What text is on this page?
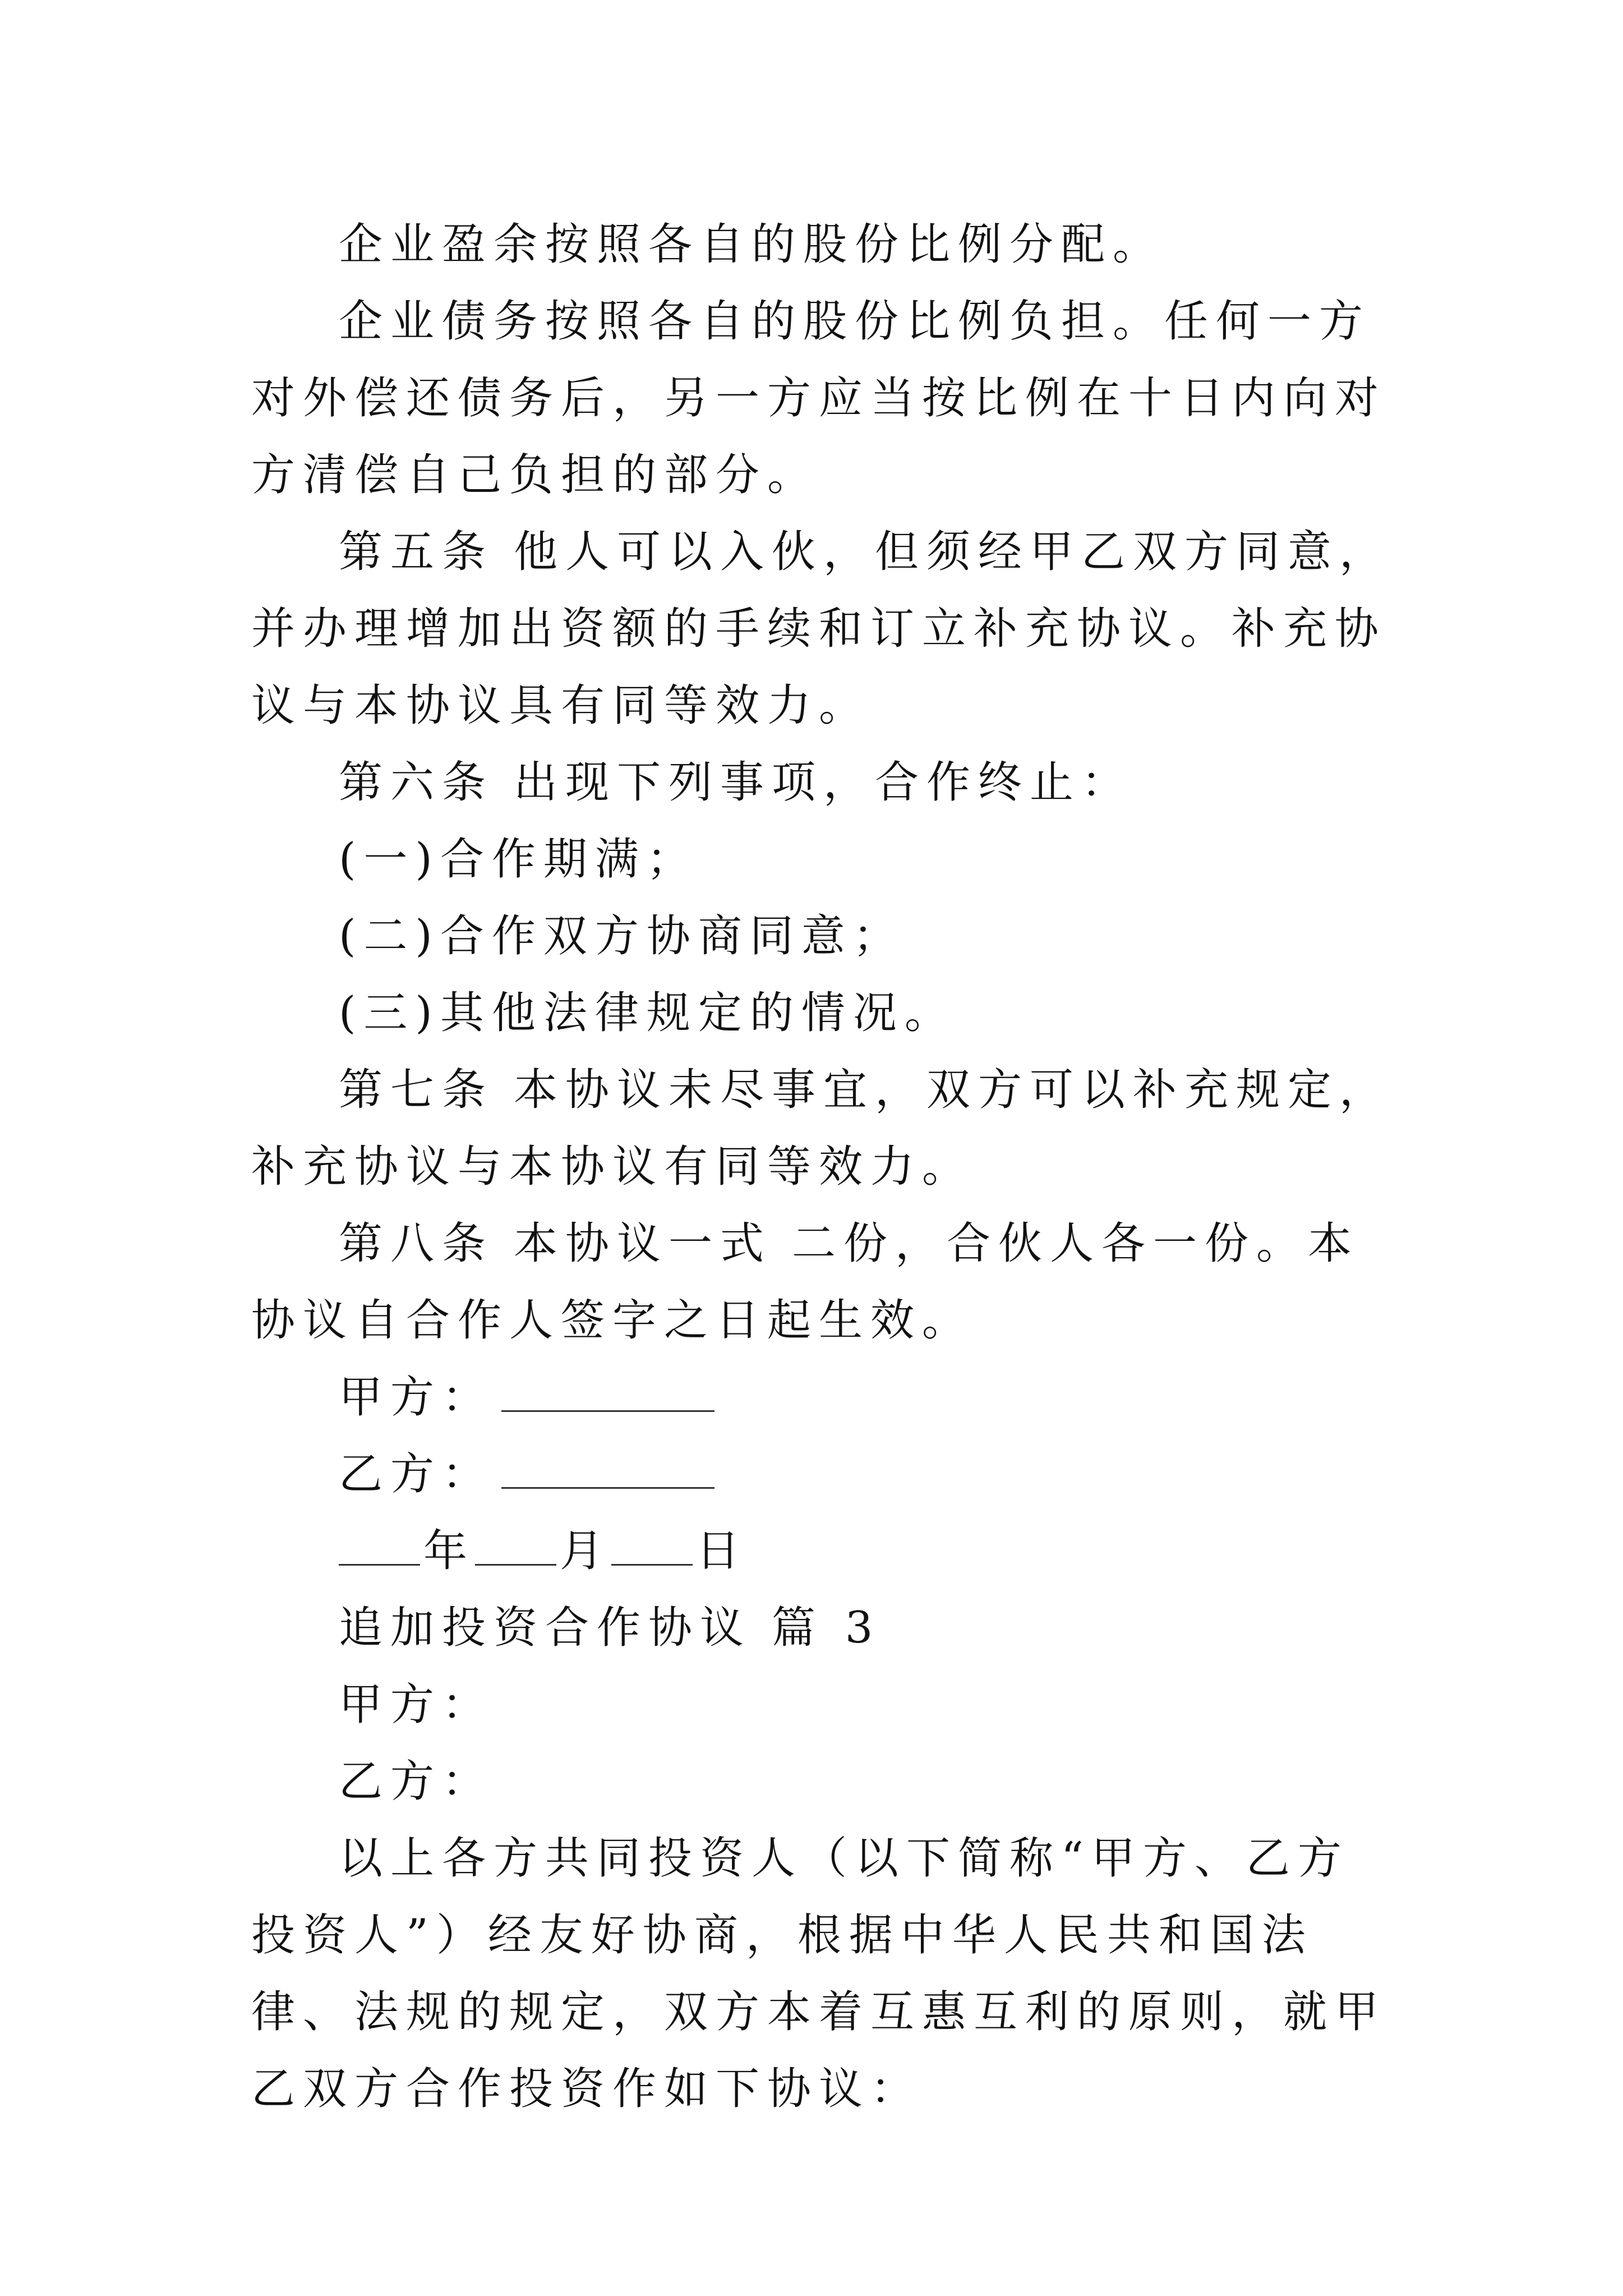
企业盈余按照各自的股份比例分配。

企业债务按照各自的股份比例负担。任何一方对外偿还债务后，另一方应当按比例在十日内向对方清偿自己负担的部分。

第五条 他人可以入伙，但须经甲乙双方同意，并办理增加出资额的手续和订立补充协议。补充协议与本协议具有同等效力。

第六条 出现下列事项，合作终止：

(一)合作期满；

(二)合作双方协商同意；

(三)其他法律规定的情况。

第七条 本协议未尽事宜，双方可以补充规定，补充协议与本协议有同等效力。

第八条 本协议一式 二份，合伙人各一份。本协议自合作人签字之日起生效。

甲方：

乙方：

年 月 日

追加投资合作协议 篇 3

甲方：

乙方：

以上各方共同投资人（以下简称“甲方、乙方投资人”）经友好协商，根据中华人民共和国法律、法规的规定，双方本着互惠互利的原则，就甲乙双方合作投资作如下协议：
